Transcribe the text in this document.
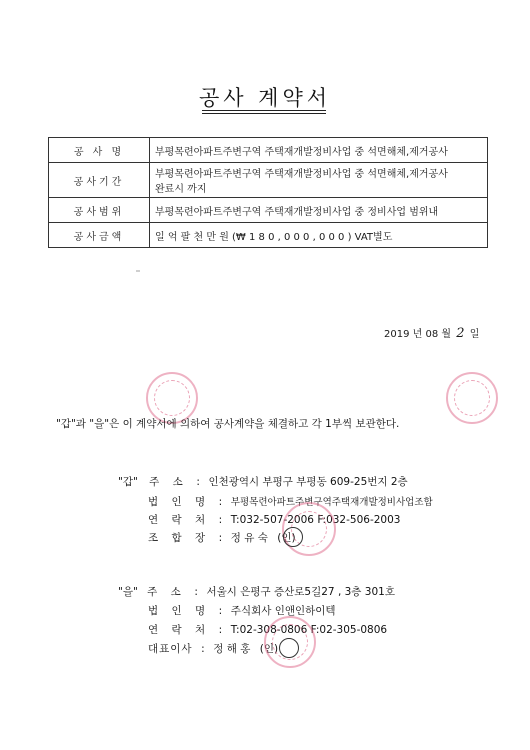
공사 계약서
공 사 명	부평목련아파트주변구역 주택재개발정비사업 중 석면해체,제거공사
공사기간	부평목련아파트주변구역 주택재개발정비사업 중 석면해체,제거공사
완료시 까지

공사범위	부평목련아파트주변구역 주택재개발정비사업 중 정비사업 범위내
공사금액	일 억 팔 천 만 원 (₩ 1 8 0 , 0 0 0 , 0 0 0 ) VAT별도
2019 년 08 월 2 일
"갑"과 "을"은 이 계약서에 의하여 공사계약을 체결하고 각 1부씩 보관한다.
"갑" 주 소 : 인천광역시 부평구 부평동 609-25번지 2층
법 인 명 : 부평목련아파트주변구역주택재개발정비사업조합
연 락 처 : T:032-507-2006 F:032-506-2003
조 합 장 : 정 유 숙 (인)
"을" 주 소 : 서울시 은평구 증산로5길27 , 3층 301호
법 인 명 : 주식회사 인앤인하이텍
연 락 처 : T:02-308-0806 F:02-305-0806
대표이사 : 정 해 홍 (인)
